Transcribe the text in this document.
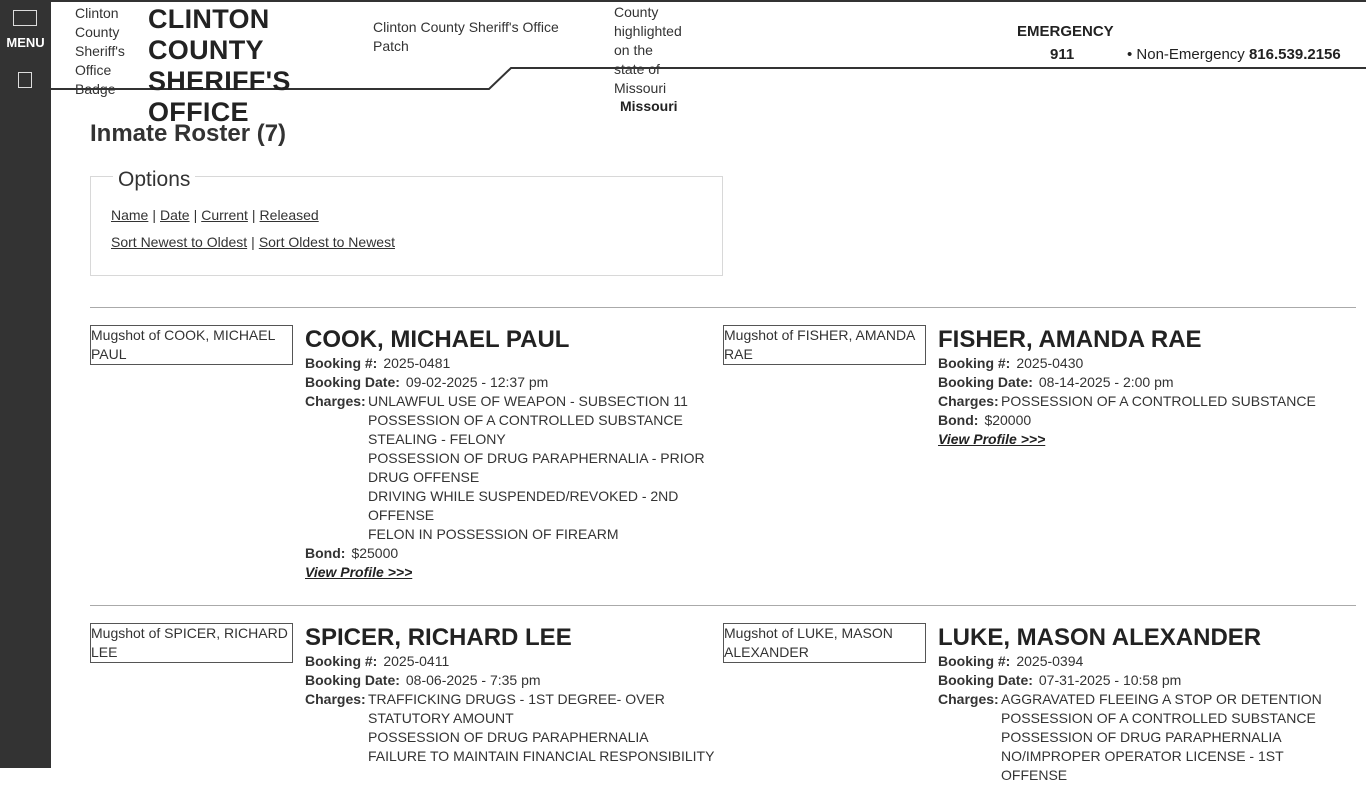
MENU
Clinton County Sheriff's Office Badge
CLINTON COUNTY SHERIFF'S OFFICE
Clinton County Sheriff's Office Patch
County highlighted on the state of Missouri
Missouri
EMERGENCY
911	• Non-Emergency 816.539.2156
Inmate Roster (7)
Options
Name | Date | Current | Released
Sort Newest to Oldest | Sort Oldest to Newest
Mugshot of COOK, MICHAEL PAUL
COOK, MICHAEL PAUL
Booking #: 2025-0481
Booking Date: 09-02-2025 - 12:37 pm
Charges: UNLAWFUL USE OF WEAPON - SUBSECTION 11
POSSESSION OF A CONTROLLED SUBSTANCE
STEALING - FELONY
POSSESSION OF DRUG PARAPHERNALIA - PRIOR DRUG OFFENSE
DRIVING WHILE SUSPENDED/REVOKED - 2ND OFFENSE
FELON IN POSSESSION OF FIREARM
Bond: $25000
View Profile >>>
Mugshot of FISHER, AMANDA RAE
FISHER, AMANDA RAE
Booking #: 2025-0430
Booking Date: 08-14-2025 - 2:00 pm
Charges: POSSESSION OF A CONTROLLED SUBSTANCE
Bond: $20000
View Profile >>>
Mugshot of SPICER, RICHARD LEE
SPICER, RICHARD LEE
Booking #: 2025-0411
Booking Date: 08-06-2025 - 7:35 pm
Charges: TRAFFICKING DRUGS - 1ST DEGREE- OVER STATUTORY AMOUNT
POSSESSION OF DRUG PARAPHERNALIA
FAILURE TO MAINTAIN FINANCIAL RESPONSIBILITY
Mugshot of LUKE, MASON ALEXANDER
LUKE, MASON ALEXANDER
Booking #: 2025-0394
Booking Date: 07-31-2025 - 10:58 pm
Charges: AGGRAVATED FLEEING A STOP OR DETENTION
POSSESSION OF A CONTROLLED SUBSTANCE
POSSESSION OF DRUG PARAPHERNALIA
NO/IMPROPER OPERATOR LICENSE - 1ST OFFENSE
